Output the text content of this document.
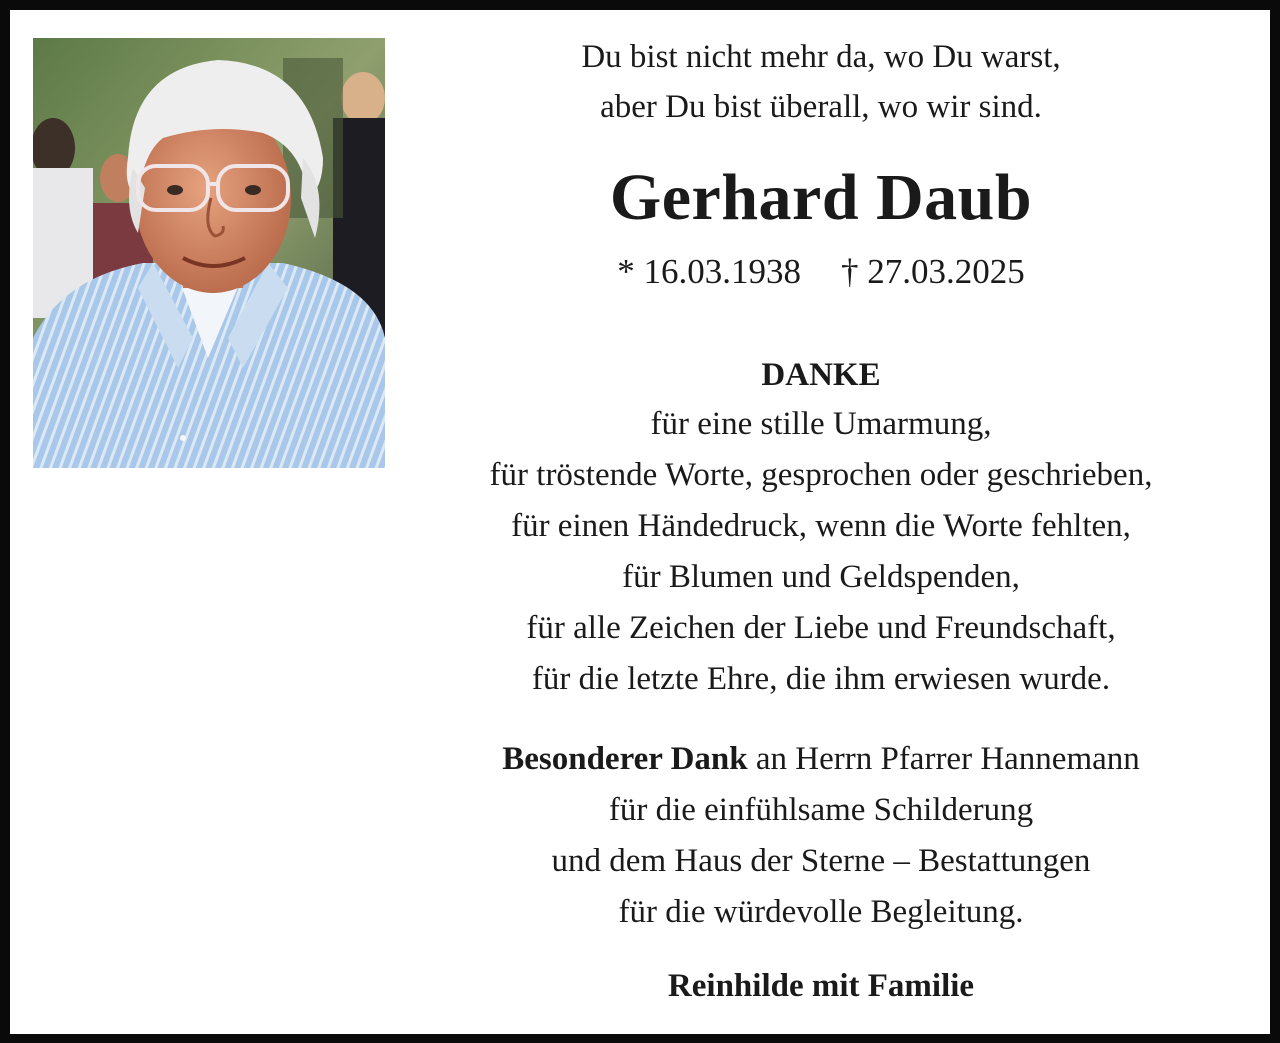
Du bist nicht mehr da, wo Du warst,
aber Du bist überall, wo wir sind.
Gerhard Daub
* 16.03.1938 † 27.03.2025
DANKE
für eine stille Umarmung,
für tröstende Worte, gesprochen oder geschrieben,
für einen Händedruck, wenn die Worte fehlten,
für Blumen und Geldspenden,
für alle Zeichen der Liebe und Freundschaft,
für die letzte Ehre, die ihm erwiesen wurde.
Besonderer Dank an Herrn Pfarrer Hannemann
für die einfühlsame Schilderung
und dem Haus der Sterne – Bestattungen
für die würdevolle Begleitung.
Reinhilde mit Familie
